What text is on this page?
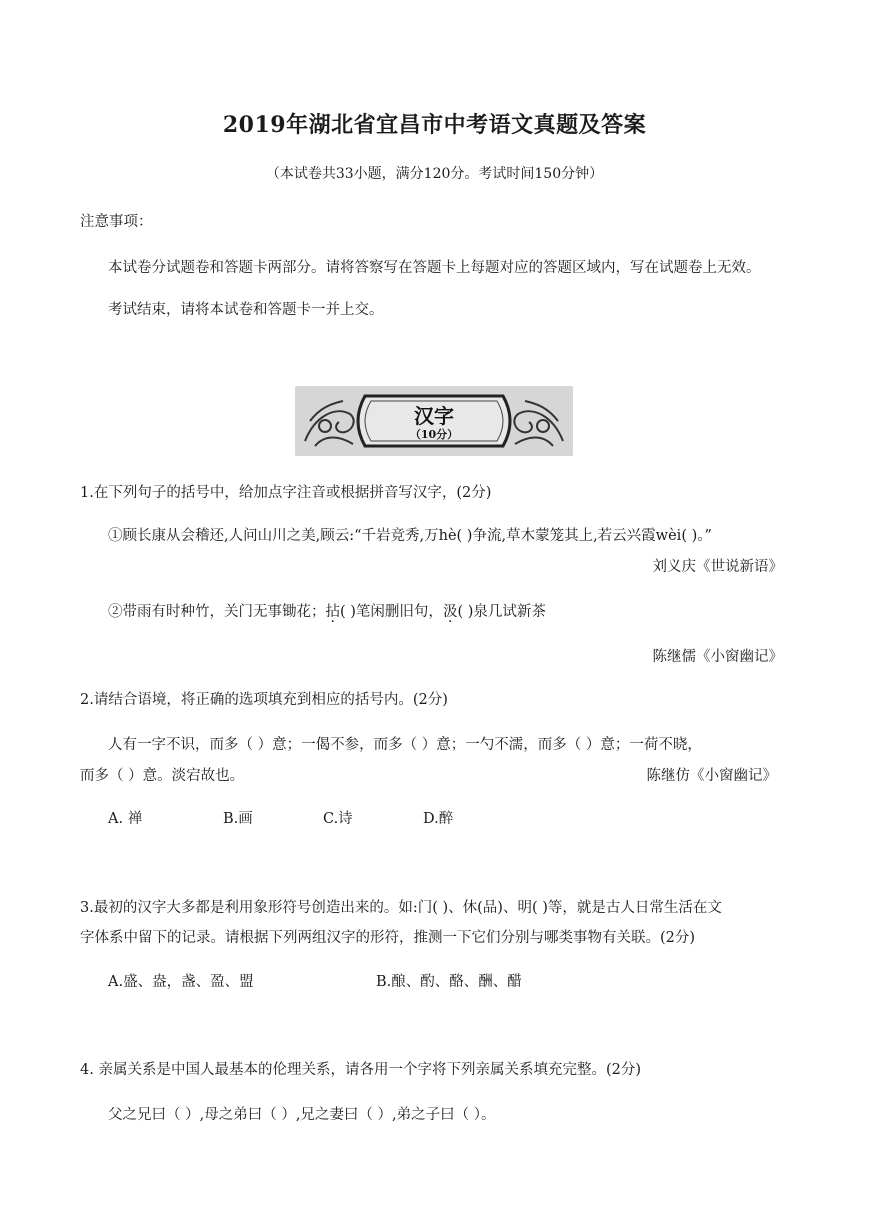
2019年湖北省宜昌市中考语文真题及答案
（本试卷共33小题，满分120分。考试时间150分钟）
注意事项：
本试卷分试题卷和答题卡两部分。请将答察写在答题卡上每题对应的答题区域内，写在试题卷上无效。
考试结束，请将本试卷和答题卡一并上交。
汉字
（10分）
1.在下列句子的括号中，给加点字注音或根据拼音写汉字，(2分)
①顾长康从会稽还,人问山川之美,顾云:“千岩竞秀,万hè( )争流,草木蒙笼其上,若云兴霞wèi( )。”
刘义庆《世说新语》
②带雨有时种竹，关门无事锄花；拈( )笔闲删旧句，汲( )泉几试新茶
陈继儒《小窗幽记》
2.请结合语境，将正确的选项填充到相应的括号内。(2分)
人有一字不识，而多（ ）意；一偈不参，而多（ ）意；一勺不濡，而多（ ）意；一荷不晓，
而多（ ）意。淡宕故也。	陈继仿《小窗幽记》
A. 禅	B.画	C.诗	D.醉
3.最初的汉字大多都是利用象形符号创造出来的。如:门( )、休(品)、明( )等，就是古人日常生活在文
字体系中留下的记录。请根据下列两组汉字的形符，推测一下它们分别与哪类事物有关联。(2分)
A.盛、盎，盏、盈、盟	B.酿、酌、酪、酬、醋
4. 亲属关系是中国人最基本的伦理关系，请各用一个字将下列亲属关系填充完整。(2分)
父之兄曰（ ）,母之弟曰（ ）,兄之妻曰（ ）,弟之子曰（ ）。
